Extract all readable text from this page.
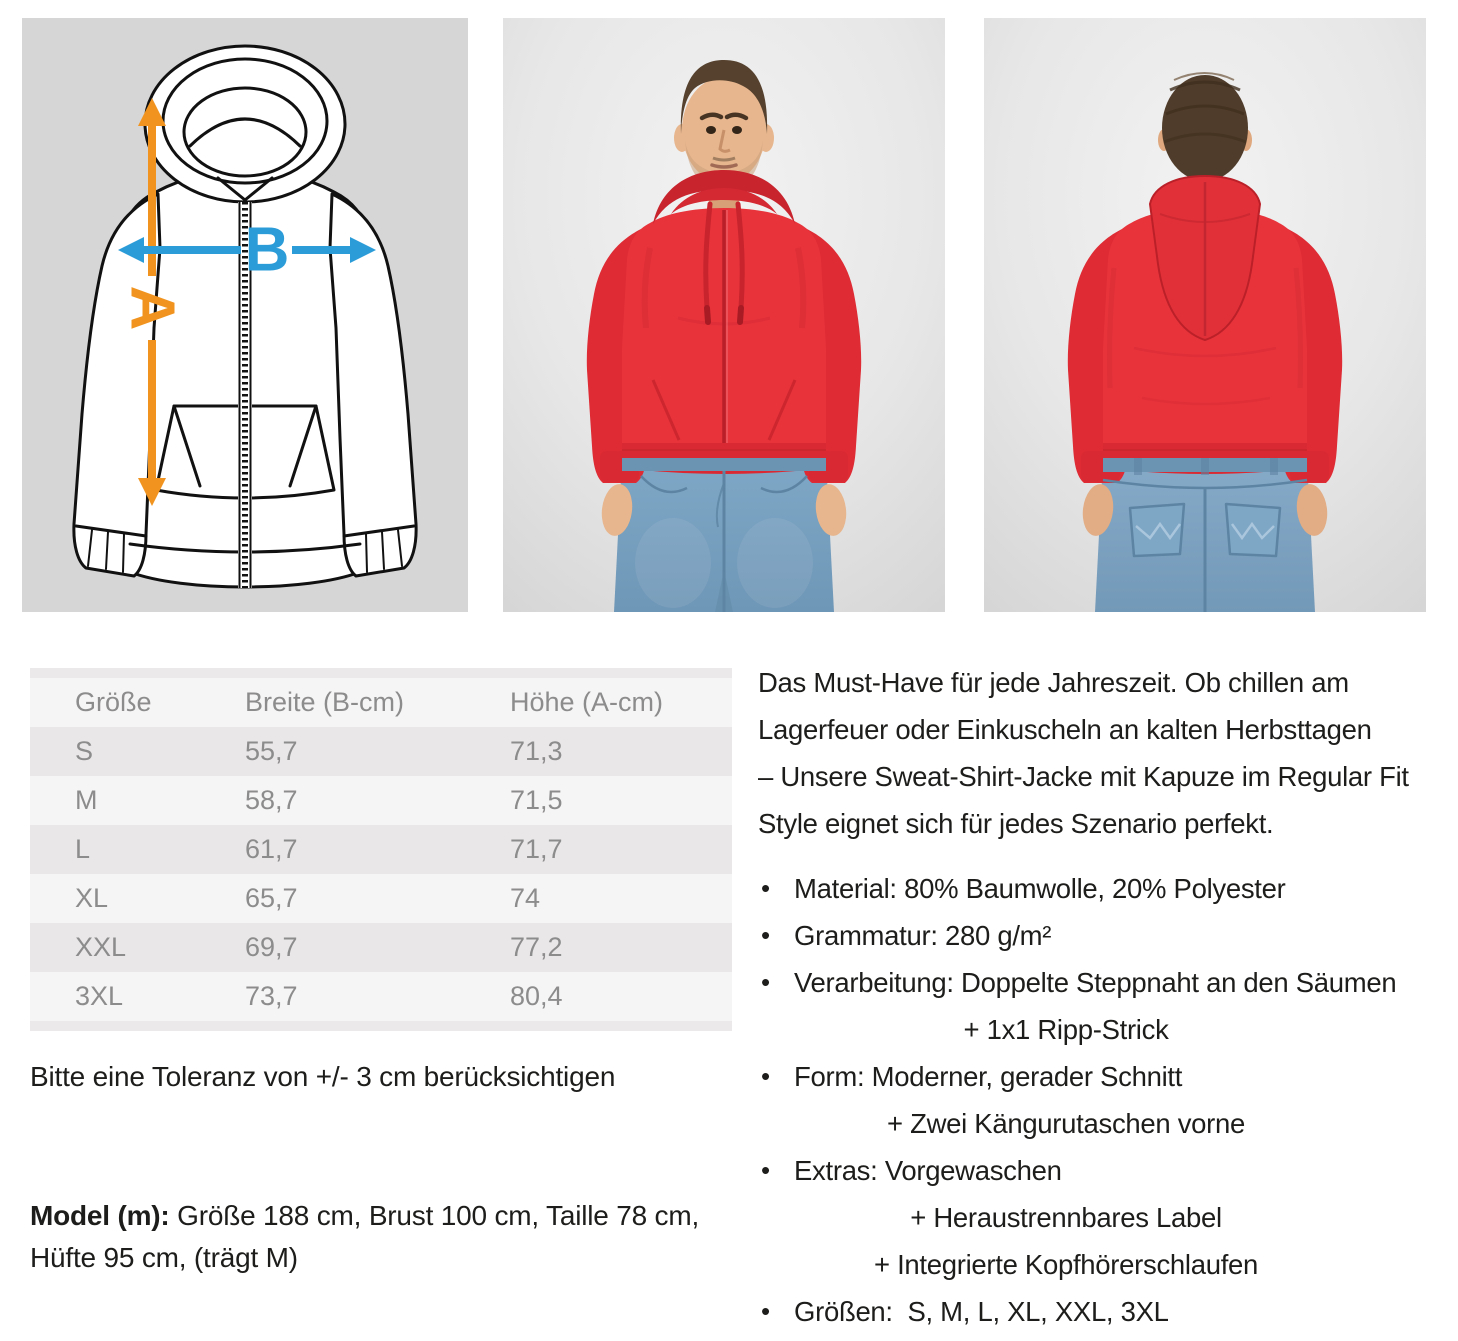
A
B
Größe	Breite (B-cm)	Höhe (A-cm)
S	55,7	71,3
M	58,7	71,5
L	61,7	71,7
XL	65,7	74
XXL	69,7	77,2
3XL	73,7	80,4

Bitte eine Toleranz von +/- 3 cm berücksichtigen

Model (m): Größe 188 cm, Brust 100 cm, Taille 78 cm, Hüfte 95 cm, (trägt M)

Das Must-Have für jede Jahreszeit. Ob chillen am
Lagerfeuer oder Einkuscheln an kalten Herbsttagen
– Unsere Sweat-Shirt-Jacke mit Kapuze im Regular Fit
Style eignet sich für jedes Szenario perfekt.
• Material: 80% Baumwolle, 20% Polyester
• Grammatur: 280 g/m²
• Verarbeitung: Doppelte Steppnaht an den Säumen
+ 1x1 Ripp-Strick
• Form: Moderner, gerader Schnitt
+ Zwei Kängurutaschen vorne
• Extras: Vorgewaschen
+ Heraustrennbares Label
+ Integrierte Kopfhörerschlaufen
• Größen:  S, M, L, XL, XXL, 3XL
